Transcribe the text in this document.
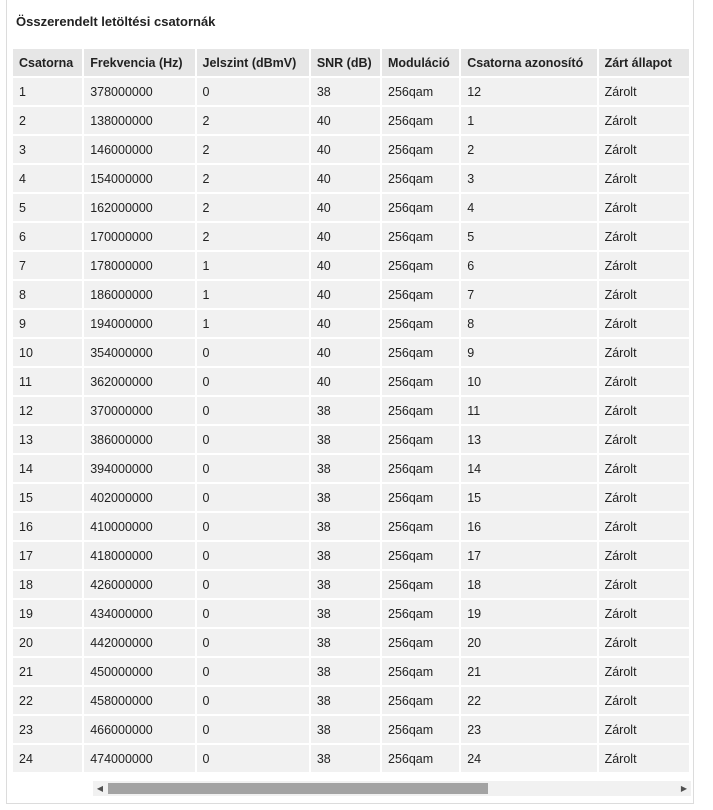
Összerendelt letöltési csatornák
Csatorna	Frekvencia (Hz)	Jelszint (dBmV)	SNR (dB)	Moduláció	Csatorna azonosító	Zárt állapot
1	378000000	0	38	256qam	12	Zárolt
2	138000000	2	40	256qam	1	Zárolt
3	146000000	2	40	256qam	2	Zárolt
4	154000000	2	40	256qam	3	Zárolt
5	162000000	2	40	256qam	4	Zárolt
6	170000000	2	40	256qam	5	Zárolt
7	178000000	1	40	256qam	6	Zárolt
8	186000000	1	40	256qam	7	Zárolt
9	194000000	1	40	256qam	8	Zárolt
10	354000000	0	40	256qam	9	Zárolt
11	362000000	0	40	256qam	10	Zárolt
12	370000000	0	38	256qam	11	Zárolt
13	386000000	0	38	256qam	13	Zárolt
14	394000000	0	38	256qam	14	Zárolt
15	402000000	0	38	256qam	15	Zárolt
16	410000000	0	38	256qam	16	Zárolt
17	418000000	0	38	256qam	17	Zárolt
18	426000000	0	38	256qam	18	Zárolt
19	434000000	0	38	256qam	19	Zárolt
20	442000000	0	38	256qam	20	Zárolt
21	450000000	0	38	256qam	21	Zárolt
22	458000000	0	38	256qam	22	Zárolt
23	466000000	0	38	256qam	23	Zárolt
24	474000000	0	38	256qam	24	Zárolt
◀	▶
